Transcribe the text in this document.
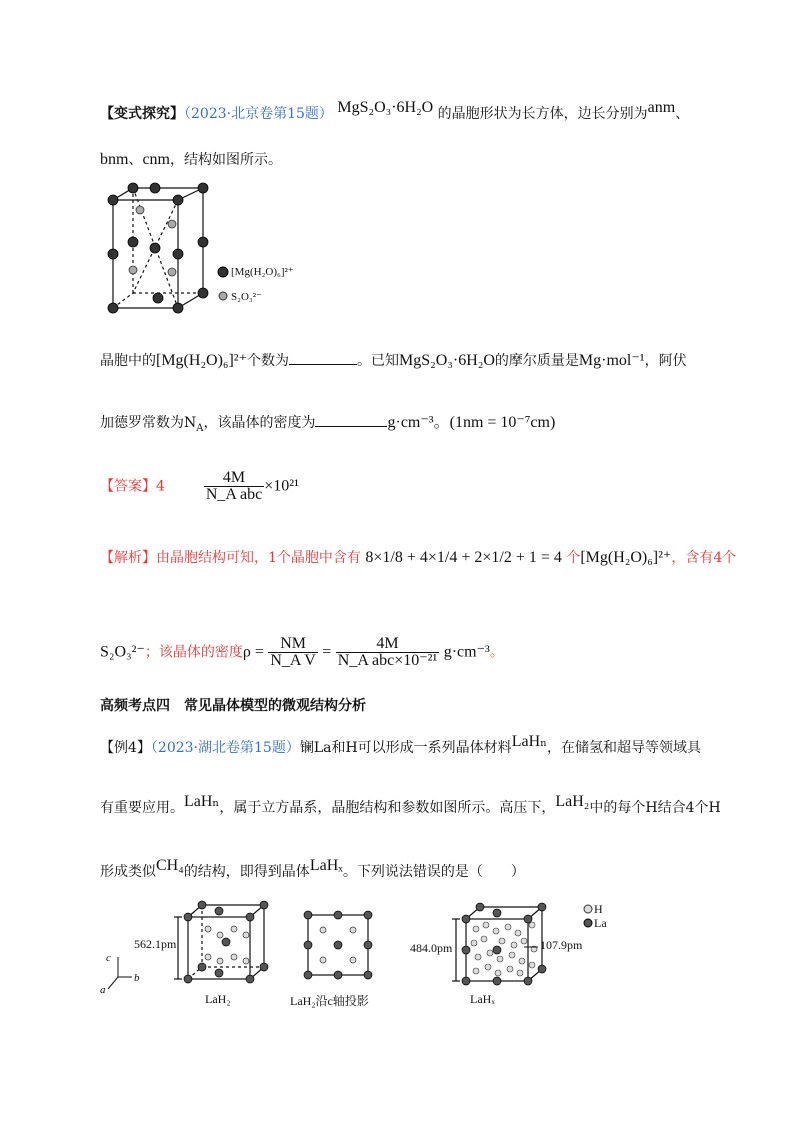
【变式探究】（2023·北京卷第15题） MgS₂O₃·6H₂O 的晶胞形状为长方体，边长分别为anm、
bnm、cnm，结构如图所示。
[Mg(H₂O)₆]²⁺
S₂O₃²⁻
晶胞中的[Mg(H₂O)₆]²⁺个数为	。已知MgS₂O₃·6H₂O的摩尔质量是Mg·mol⁻¹，阿伏
加德罗常数为$N_A$，该晶体的密度为	g·cm⁻³。(1nm = 10⁻⁷cm)
【答案】$4 \frac{4M}{\text{N\_A abc}} \times 10^{21}$
【解析】由晶胞结构可知，1个晶胞中含有 8×1/8 + 4×1/4 + 2×1/2 + 1 = 4 个[Mg(H₂O)₆]²⁺，含有4个
S₂O₃²⁻；该晶体的密度$\rho = \frac{NM}{\text{N\_A V}} = \frac{4M}{\text{N\_A abc×10⁻²¹}} g\cdot cm^{-3}$。
高频考点四　常见晶体模型的微观结构分析
【例4】（2023·湖北卷第15题）镧La和H可以形成一系列晶体材料LaHₙ，在储氢和超导等领域具
有重要应用。LaHₙ，属于立方晶系，晶胞结构和参数如图所示。高压下，LaH₂中的每个H结合4个H
形成类似CH₄的结构，即得到晶体LaHₓ。下列说法错误的是（　　）
562.1pm
LaH₂	LaH₂沿c轴投影
484.0pm	107.9pm
LaHₓ
H
La
c
a
b
